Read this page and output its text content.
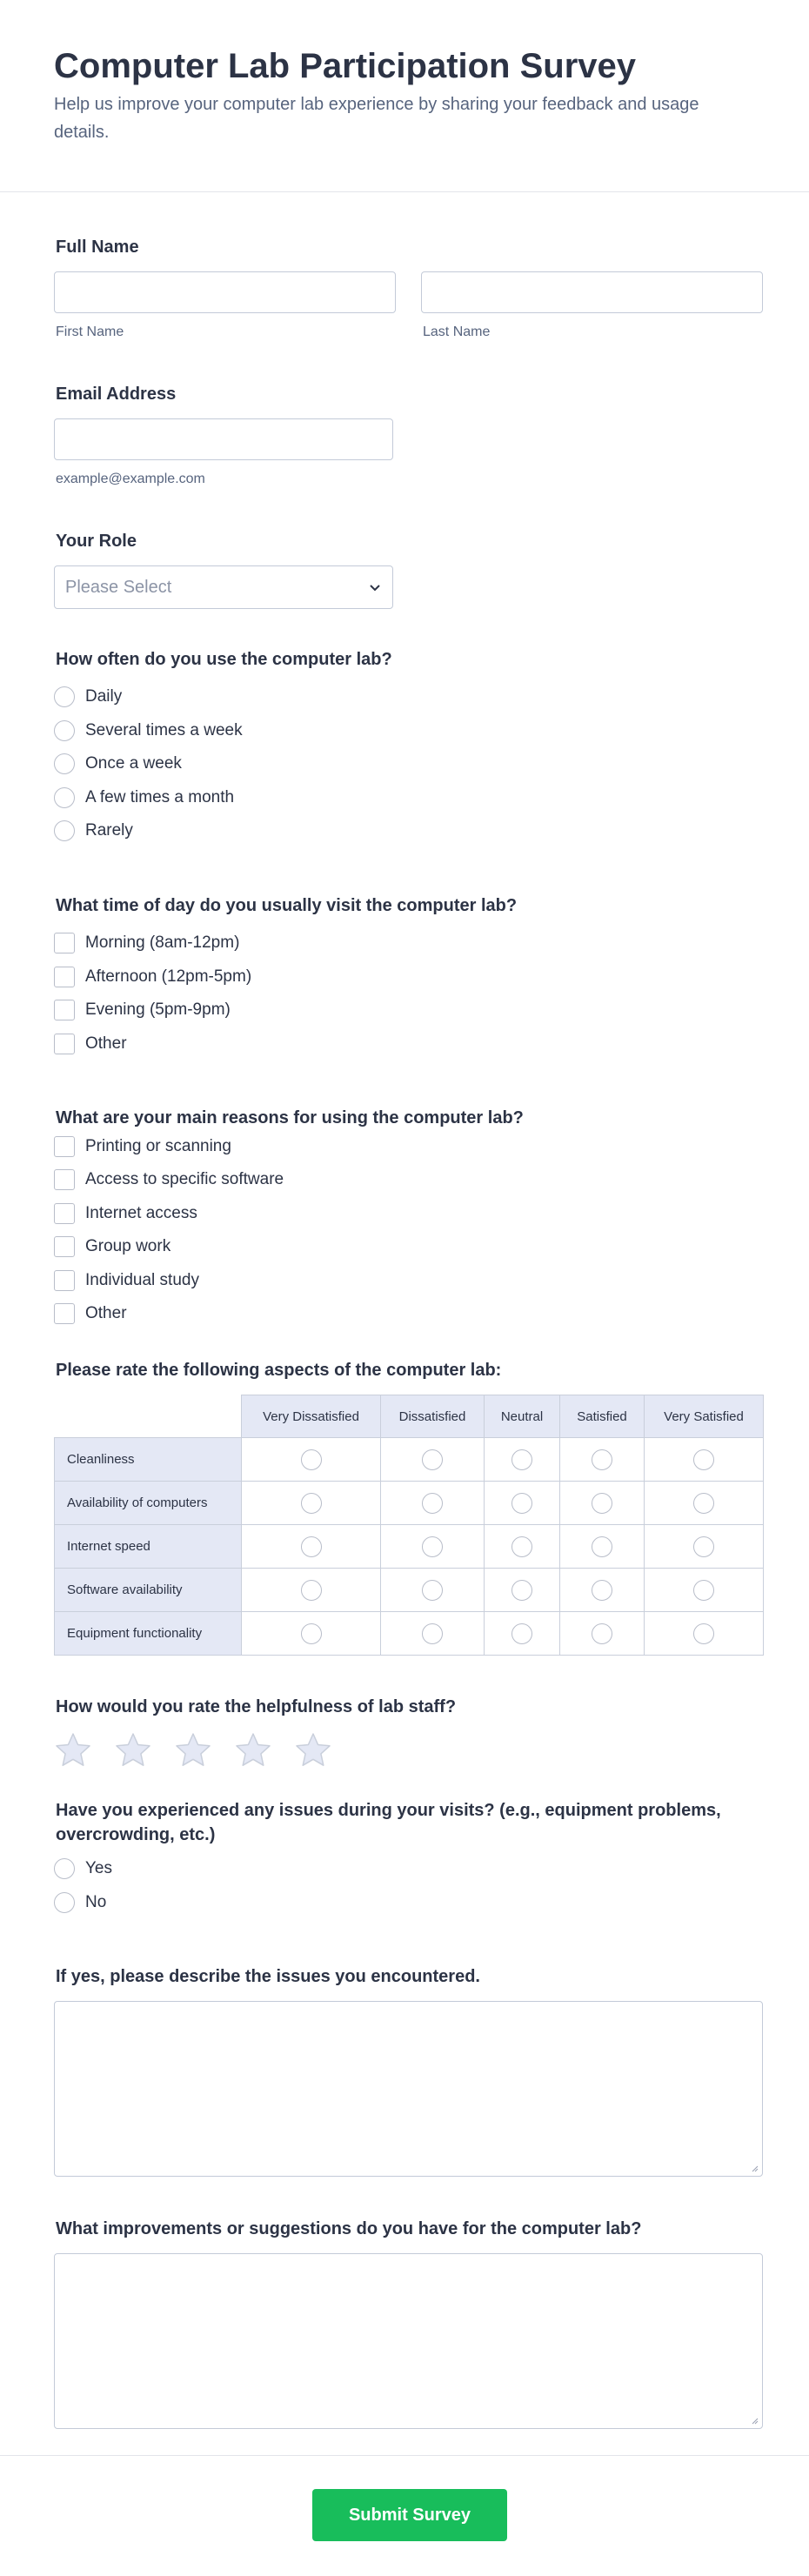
Computer Lab Participation Survey

Help us improve your computer lab experience by sharing your feedback and usage details.

Full Name
First Name	Last Name
Email Address
example@example.com
Your Role
Please Select
How often do you use the computer lab?
Daily
Several times a week
Once a week
A few times a month
Rarely
What time of day do you usually visit the computer lab?
Morning (8am-12pm)
Afternoon (12pm-5pm)
Evening (5pm-9pm)
Other
What are your main reasons for using the computer lab?
Printing or scanning
Access to specific software
Internet access
Group work
Individual study
Other
Please rate the following aspects of the computer lab:
	Very Dissatisfied	Dissatisfied	Neutral	Satisfied	Very Satisfied
Cleanliness					
Availability of computers					
Internet speed					
Software availability					
Equipment functionality					
How would you rate the helpfulness of lab staff?
Have you experienced any issues during your visits? (e.g., equipment problems, overcrowding, etc.)
Yes
No
If yes, please describe the issues you encountered.
What improvements or suggestions do you have for the computer lab?
Submit Survey
